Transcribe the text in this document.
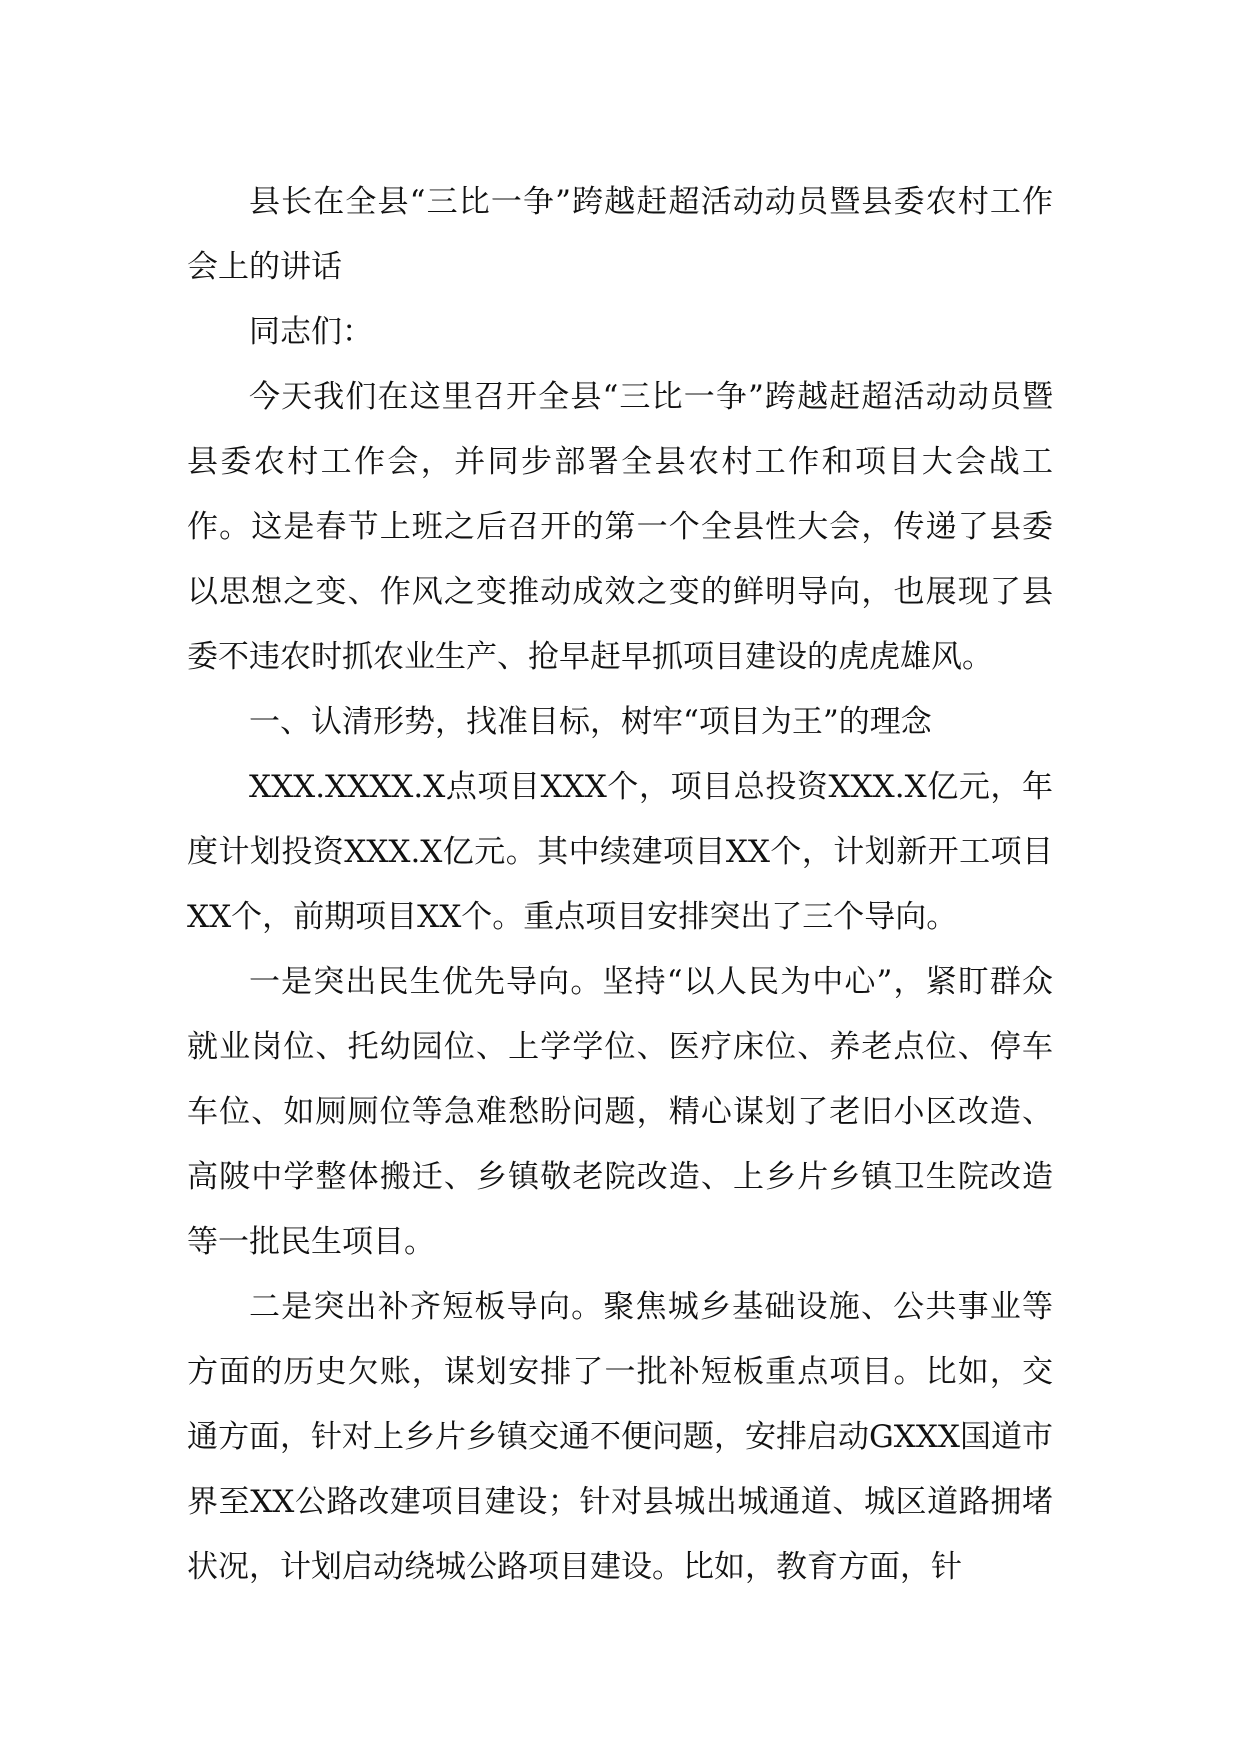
县长在全县“三比一争”跨越赶超活动动员暨县委农村工作会上的讲话

同志们：

今天我们在这里召开全县“三比一争”跨越赶超活动动员暨县委农村工作会，并同步部署全县农村工作和项目大会战工作。这是春节上班之后召开的第一个全县性大会，传递了县委以思想之变、作风之变推动成效之变的鲜明导向，也展现了县委不违农时抓农业生产、抢早赶早抓项目建设的虎虎雄风。

一、认清形势，找准目标，树牢“项目为王”的理念

XXX.XXXX.X点项目XXX个，项目总投资XXX.X亿元，年度计划投资XXX.X亿元。其中续建项目XX个，计划新开工项目XX个，前期项目XX个。重点项目安排突出了三个导向。

一是突出民生优先导向。坚持“以人民为中心”，紧盯群众就业岗位、托幼园位、上学学位、医疗床位、养老点位、停车车位、如厕厕位等急难愁盼问题，精心谋划了老旧小区改造、高陂中学整体搬迁、乡镇敬老院改造、上乡片乡镇卫生院改造等一批民生项目。

二是突出补齐短板导向。聚焦城乡基础设施、公共事业等方面的历史欠账，谋划安排了一批补短板重点项目。比如，交通方面，针对上乡片乡镇交通不便问题，安排启动GXXX国道市界至XX公路改建项目建设；针对县城出城通道、城区道路拥堵状况，计划启动绕城公路项目建设。比如，教育方面，针
